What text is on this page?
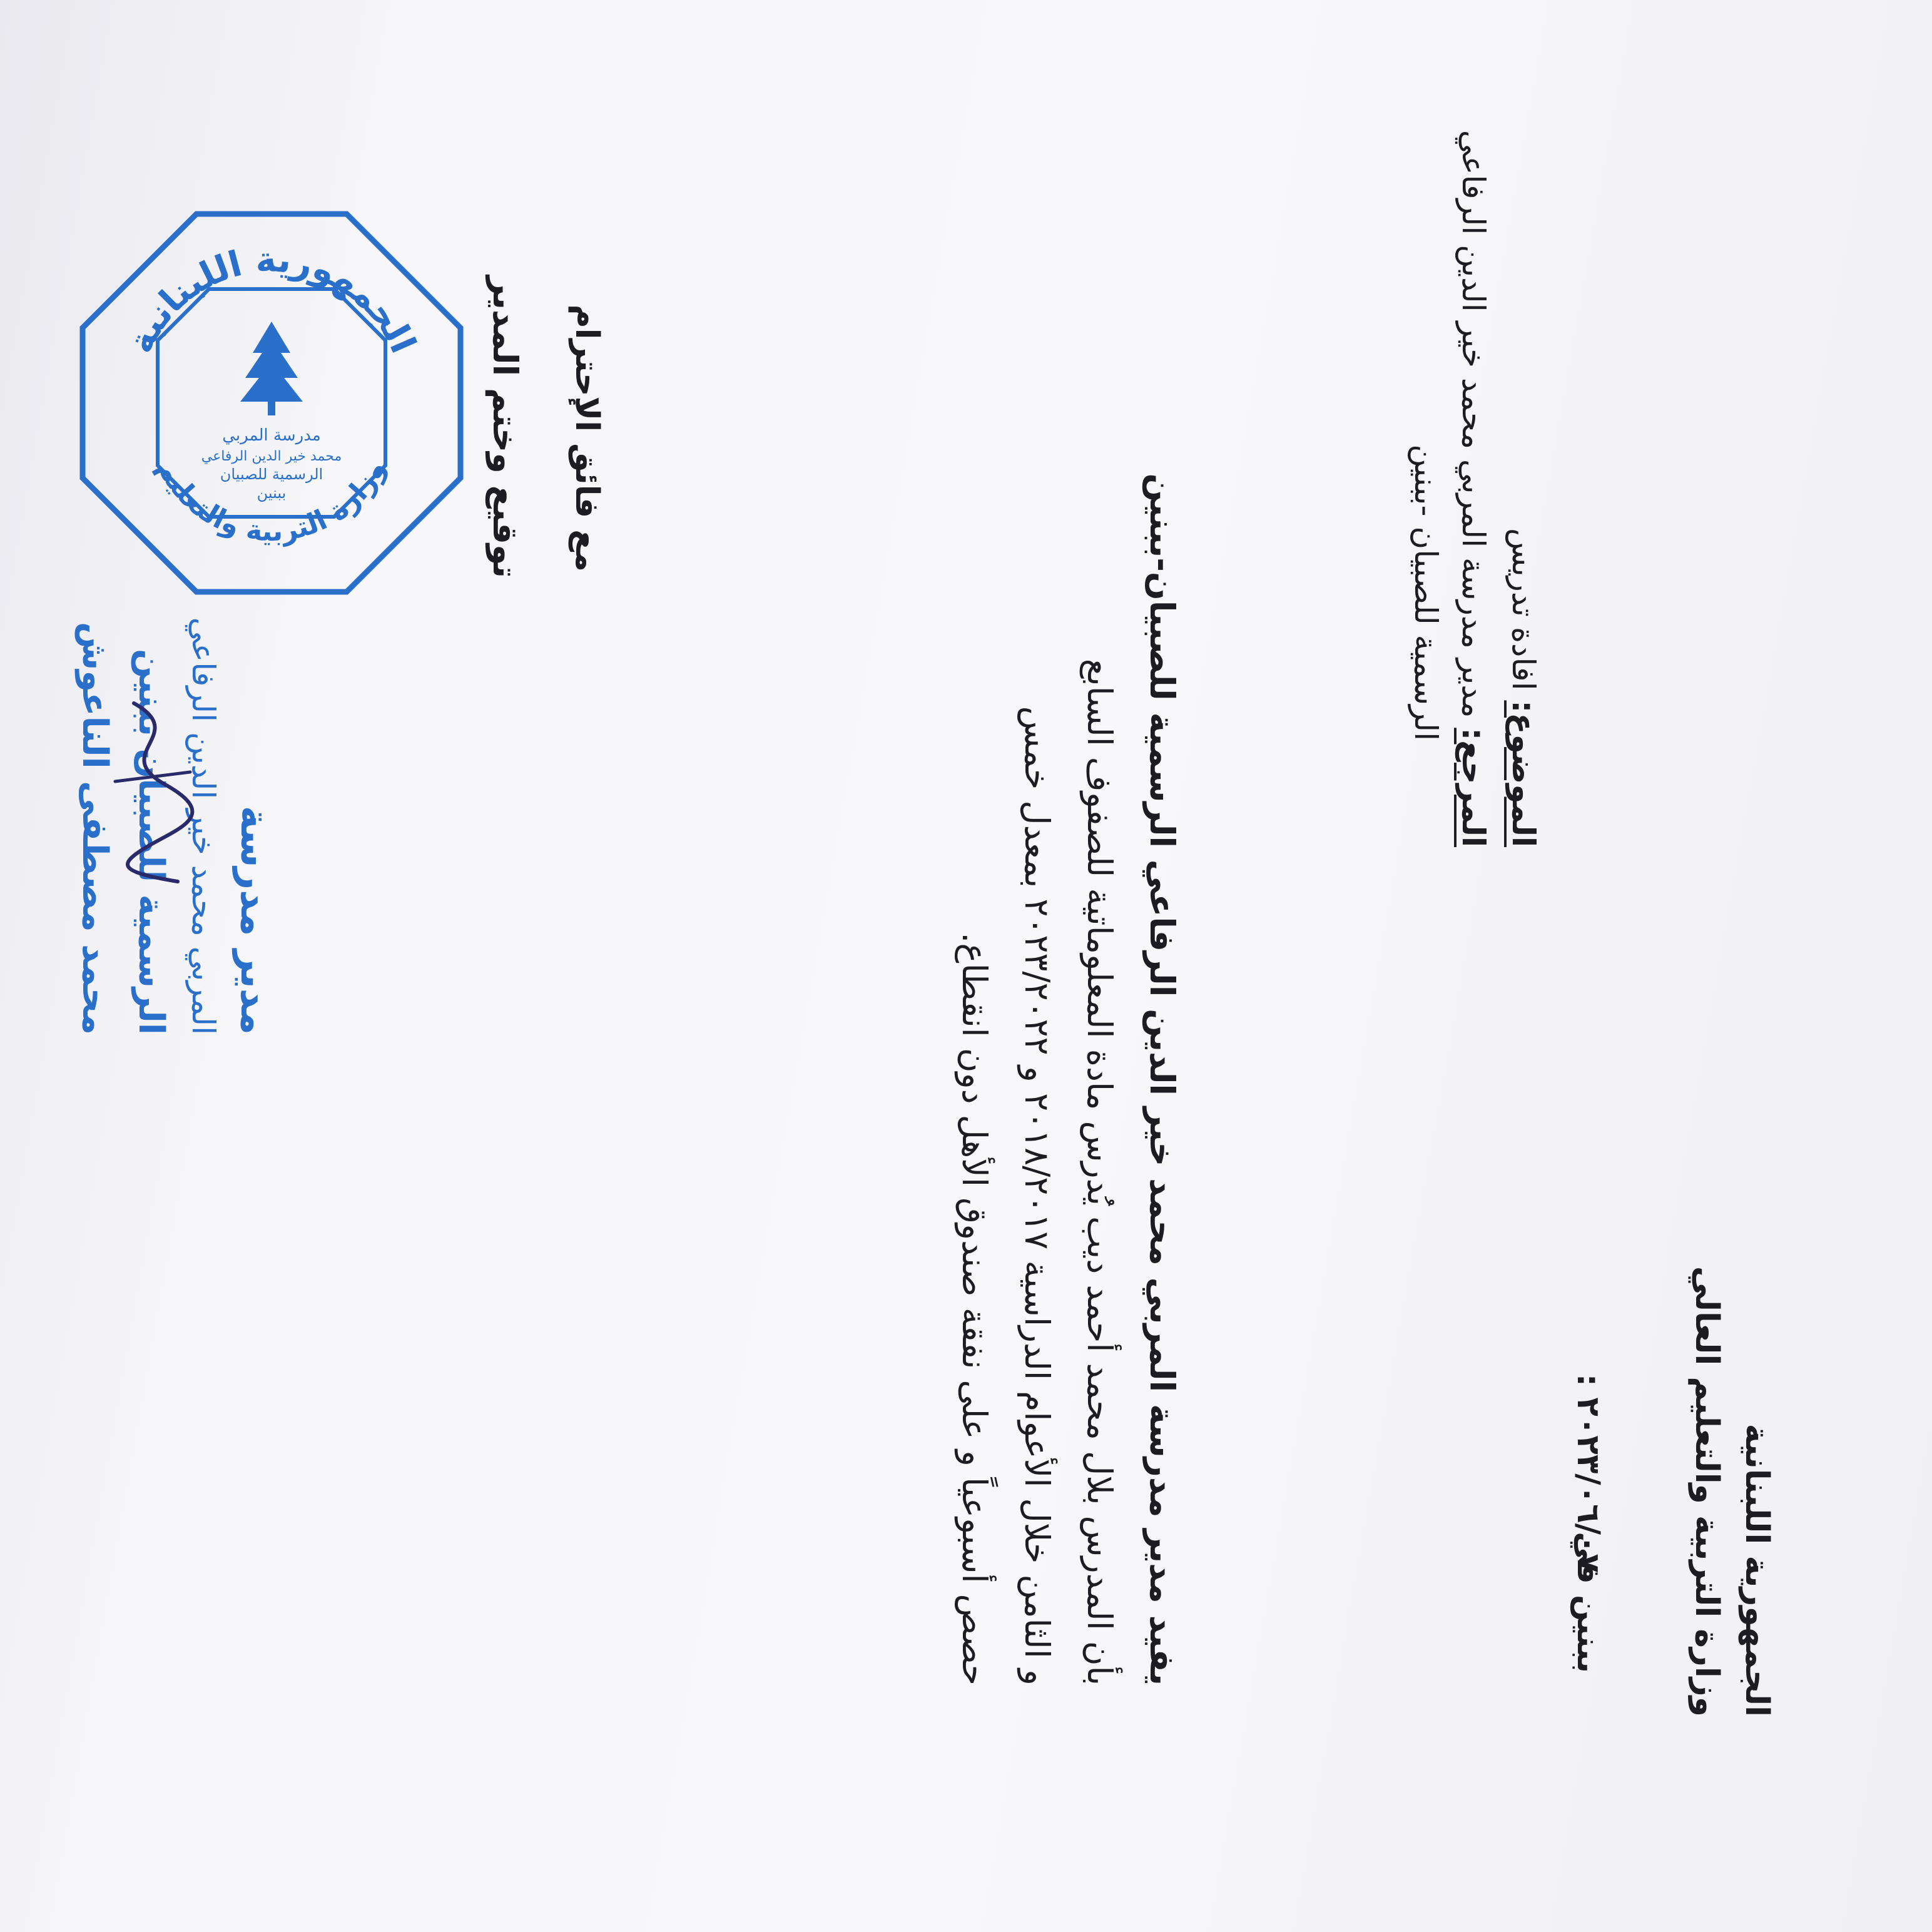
الجمهورية اللبنانية
وزارة التربية والتعليم العالي
ببنين في
: ٢٠٢٣/٠٦/٠٧
الموضوع: افادة تدريس
المرجع: مدير مدرسة المربي محمد خير الدين الرفاعي
الرسمية للصبيان -ببنين
يفيد مدير مدرسة المربي محمد خير الدين الرفاعي الرسمية للصبيان-ببنين
بأن المدرس بلال محمد أحمد ديب يُدرس مادة المعلوماتية للصفوف السابع
و الثامن خلال الأعوام الدراسية ٢٠١٨/٢٠١٧ و ٢٠٢٣/٢٠٢٢ بمعدل خمس
حصص أسبوعياً و على نفقة صندوق الأهل دون انقطاع.
مع فائق الإحترام
توقيع وختم المدير
مدير مدرسة
المربي محمد خير الدين الرفاعي
الرسمية للصبيان ببنين
محمد مصطفى الناعوش
الجمهورية اللبنانية
وزارة التربية والتعليم
مدرسة المربي
محمد خير الدين الرفاعي
الرسمية للصبيان
ببنين
